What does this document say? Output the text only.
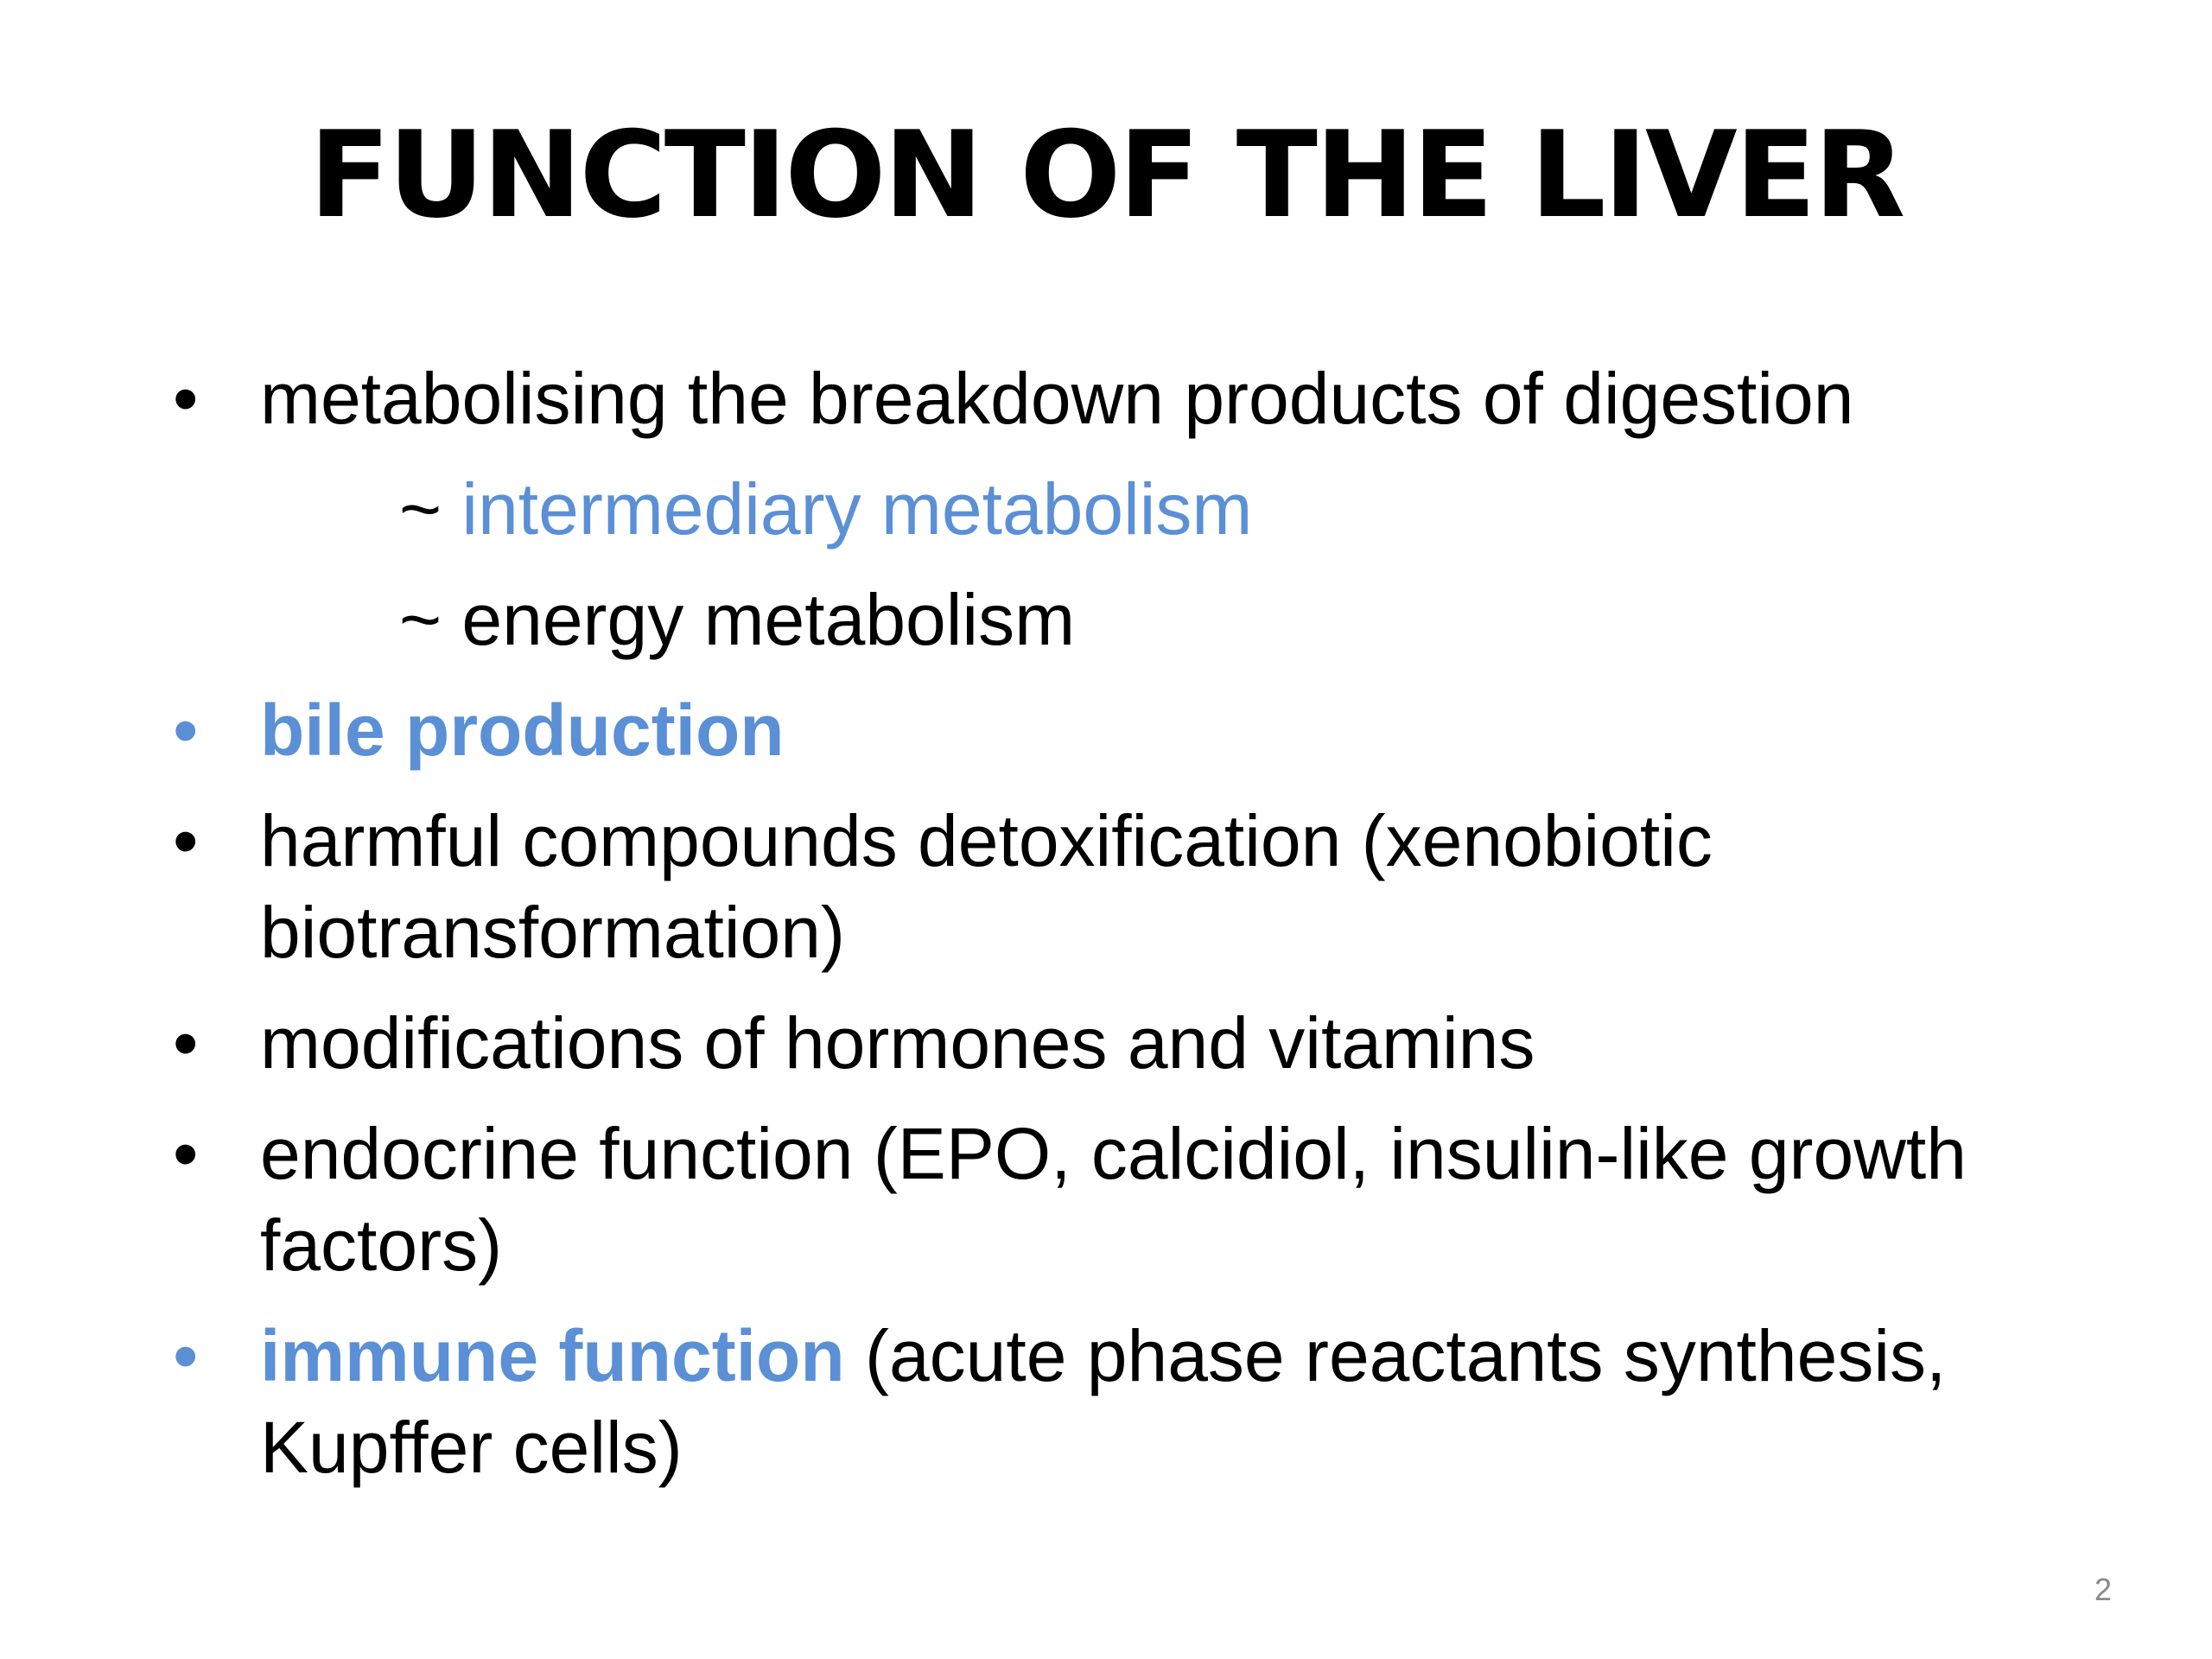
FUNCTION OF THE LIVER
• metabolising the breakdown products of digestion
~ intermediary metabolism
~ energy metabolism
• bile production
• harmful compounds detoxification (xenobiotic
biotransformation)
• modifications of hormones and vitamins
• endocrine function (EPO, calcidiol, insulin-like growth
factors)
• immune function (acute phase reactants synthesis,
Kupffer cells)
2
